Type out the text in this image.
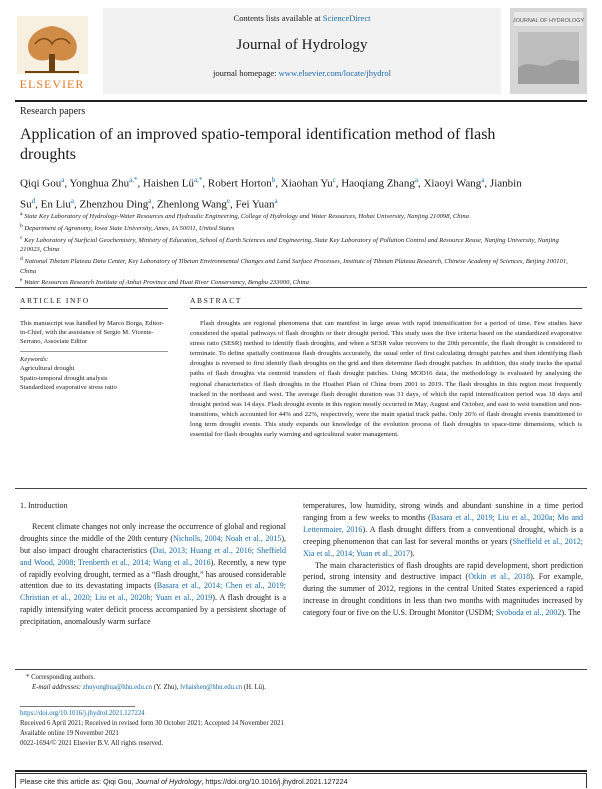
ELSEVIER
Contents lists available at ScienceDirect
Journal of Hydrology
journal homepage: www.elsevier.com/locate/jhydrol
JOURNAL OF HYDROLOGY
Research papers
Application of an improved spatio-temporal identification method of flash droughts
Qiqi Gou$^a$, Yonghua Zhu$^{a,*}$, Haishen $Lü^{a,*}$, Robert Horton$^b$, Xiaohan Yu$^c$, Haoqiang Zhang$^a$, Xiaoyi Wang$^a$, Jianbin Su$^d$, En Liu$^a$, Zhenzhou Ding$^a$, Zhenlong Wang$^e$, Fei Yuan$^a$
$^a$ State Key Laboratory of Hydrology-Water Resources and Hydraulic Engineering, College of Hydrology and Water Resources, Hohai University, Nanjing 210098, China
$^b$ Department of Agronomy, Iowa State University, Ames, IA 50011, United States
$^c$ Key Laboratory of Surficial Geochemistry, Ministry of Education, School of Earth Sciences and Engineering, State Key Laboratory of Pollution Control and Resource Reuse, Nanjing University, Nanjing 210023, China
$^d$ National Tibetan Plateau Data Center, Key Laboratory of Tibetan Environmental Changes and Land Surface Processes, Institute of Tibetan Plateau Research, Chinese Academy of Sciences, Beijing 100101, China
$^e$ Water Resources Research Institute of Anhui Province and Huai River Conservancy, Bengbu 233000, China
ARTICLE INFO
This manuscript was handled by Marco Borga, Editor-in-Chief, with the assistance of Sergio M. Vicente-Serrano, Associate Editor
Keywords:
Agricultural drought
Spatio-temporal drought analysis
Standardized evaporative stress ratio
ABSTRACT
Flash droughts are regional phenomena that can manifest in large areas with rapid intensification for a period of time. Few studies have considered the spatial pathways of flash droughts or their drought period. This study uses the five criteria based on the standardized evaporative stress ratio (SESR) method to identify flash droughts, and when a SESR value recovers to the 20th percentile, the flash drought is considered to terminate. To define spatially continuous flash droughts accurately, the usual order of first calculating drought patches and then identifying flash droughts is reversed to first identify flash droughts on the grid and then determine flash drought patches. In addition, this study tracks the spatial paths of flash droughts via centroid transfers of flash drought patches. Using MOD16 data, the methodology is evaluated by analysing the regional characteristics of flash droughts in the Huaibei Plain of China from 2001 to 2019. The flash droughts in this region most frequently tracked in the northeast and west. The average flash drought duration was 31 days, of which the rapid intensification period was 18 days and drought period was 14 days. Flash drought events in this region mostly occurred in May, August and October, and east to west transition and non-transitions, which accounted for 44% and 22%, respectively, were the main spatial track paths. Only 26% of flash drought events transitioned to long term drought events. This study expands our knowledge of the evolution process of flash droughts to space-time dimensions, which is essential for flash droughts early warning and agricultural water management.
1. Introduction

Recent climate changes not only increase the occurrence of global and regional droughts since the middle of the 20th century (Nicholls, 2004; Noah et al., 2015), but also impact drought characteristics (Dai, 2013; Huang et al., 2016; Sheffield and Wood, 2008; Trenberth et al., 2014; Wang et al., 2016). Recently, a new type of rapidly evolving drought, termed as a “flash drought,” has aroused considerable attention due to its devastating impacts (Basara et al., 2014; Chen et al., 2019; Christian et al., 2020; Liu et al., 2020b; Yuan et al., 2019). A flash drought is a rapidly intensifying water deficit process accompanied by a persistent shortage of precipitation, anomalously warm surface

temperatures, low humidity, strong winds and abundant sunshine in a time period ranging from a few weeks to months (Basara et al., 2019; Liu et al., 2020a; Mo and Lettenmaier, 2016). A flash drought differs from a conventional drought, which is a creeping phenomenon that can last for several months or years (Sheffield et al., 2012; Xia et al., 2014; Yuan et al., 2017).

The main characteristics of flash droughts are rapid development, short prediction period, strong intensity and destructive impact (Otkin et al., 2018). For example, during the summer of 2012, regions in the central United States experienced a rapid increase in drought conditions in less than two months with magnitudes increased by category four or five on the U.S. Drought Monitor (USDM; Svoboda et al., 2002). The

* Corresponding authors.
E-mail addresses: zhuyonghua@hhu.edu.cn (Y. Zhu), lvhaishen@hhu.edu.cn (H. Lü).
https://doi.org/10.1016/j.jhydrol.2021.127224
Received 6 April 2021; Received in revised form 30 October 2021; Accepted 14 November 2021
Available online 19 November 2021
0022-1694/© 2021 Elsevier B.V. All rights reserved.
Please cite this article as: Qiqi Gou, Journal of Hydrology, https://doi.org/10.1016/j.jhydrol.2021.127224
